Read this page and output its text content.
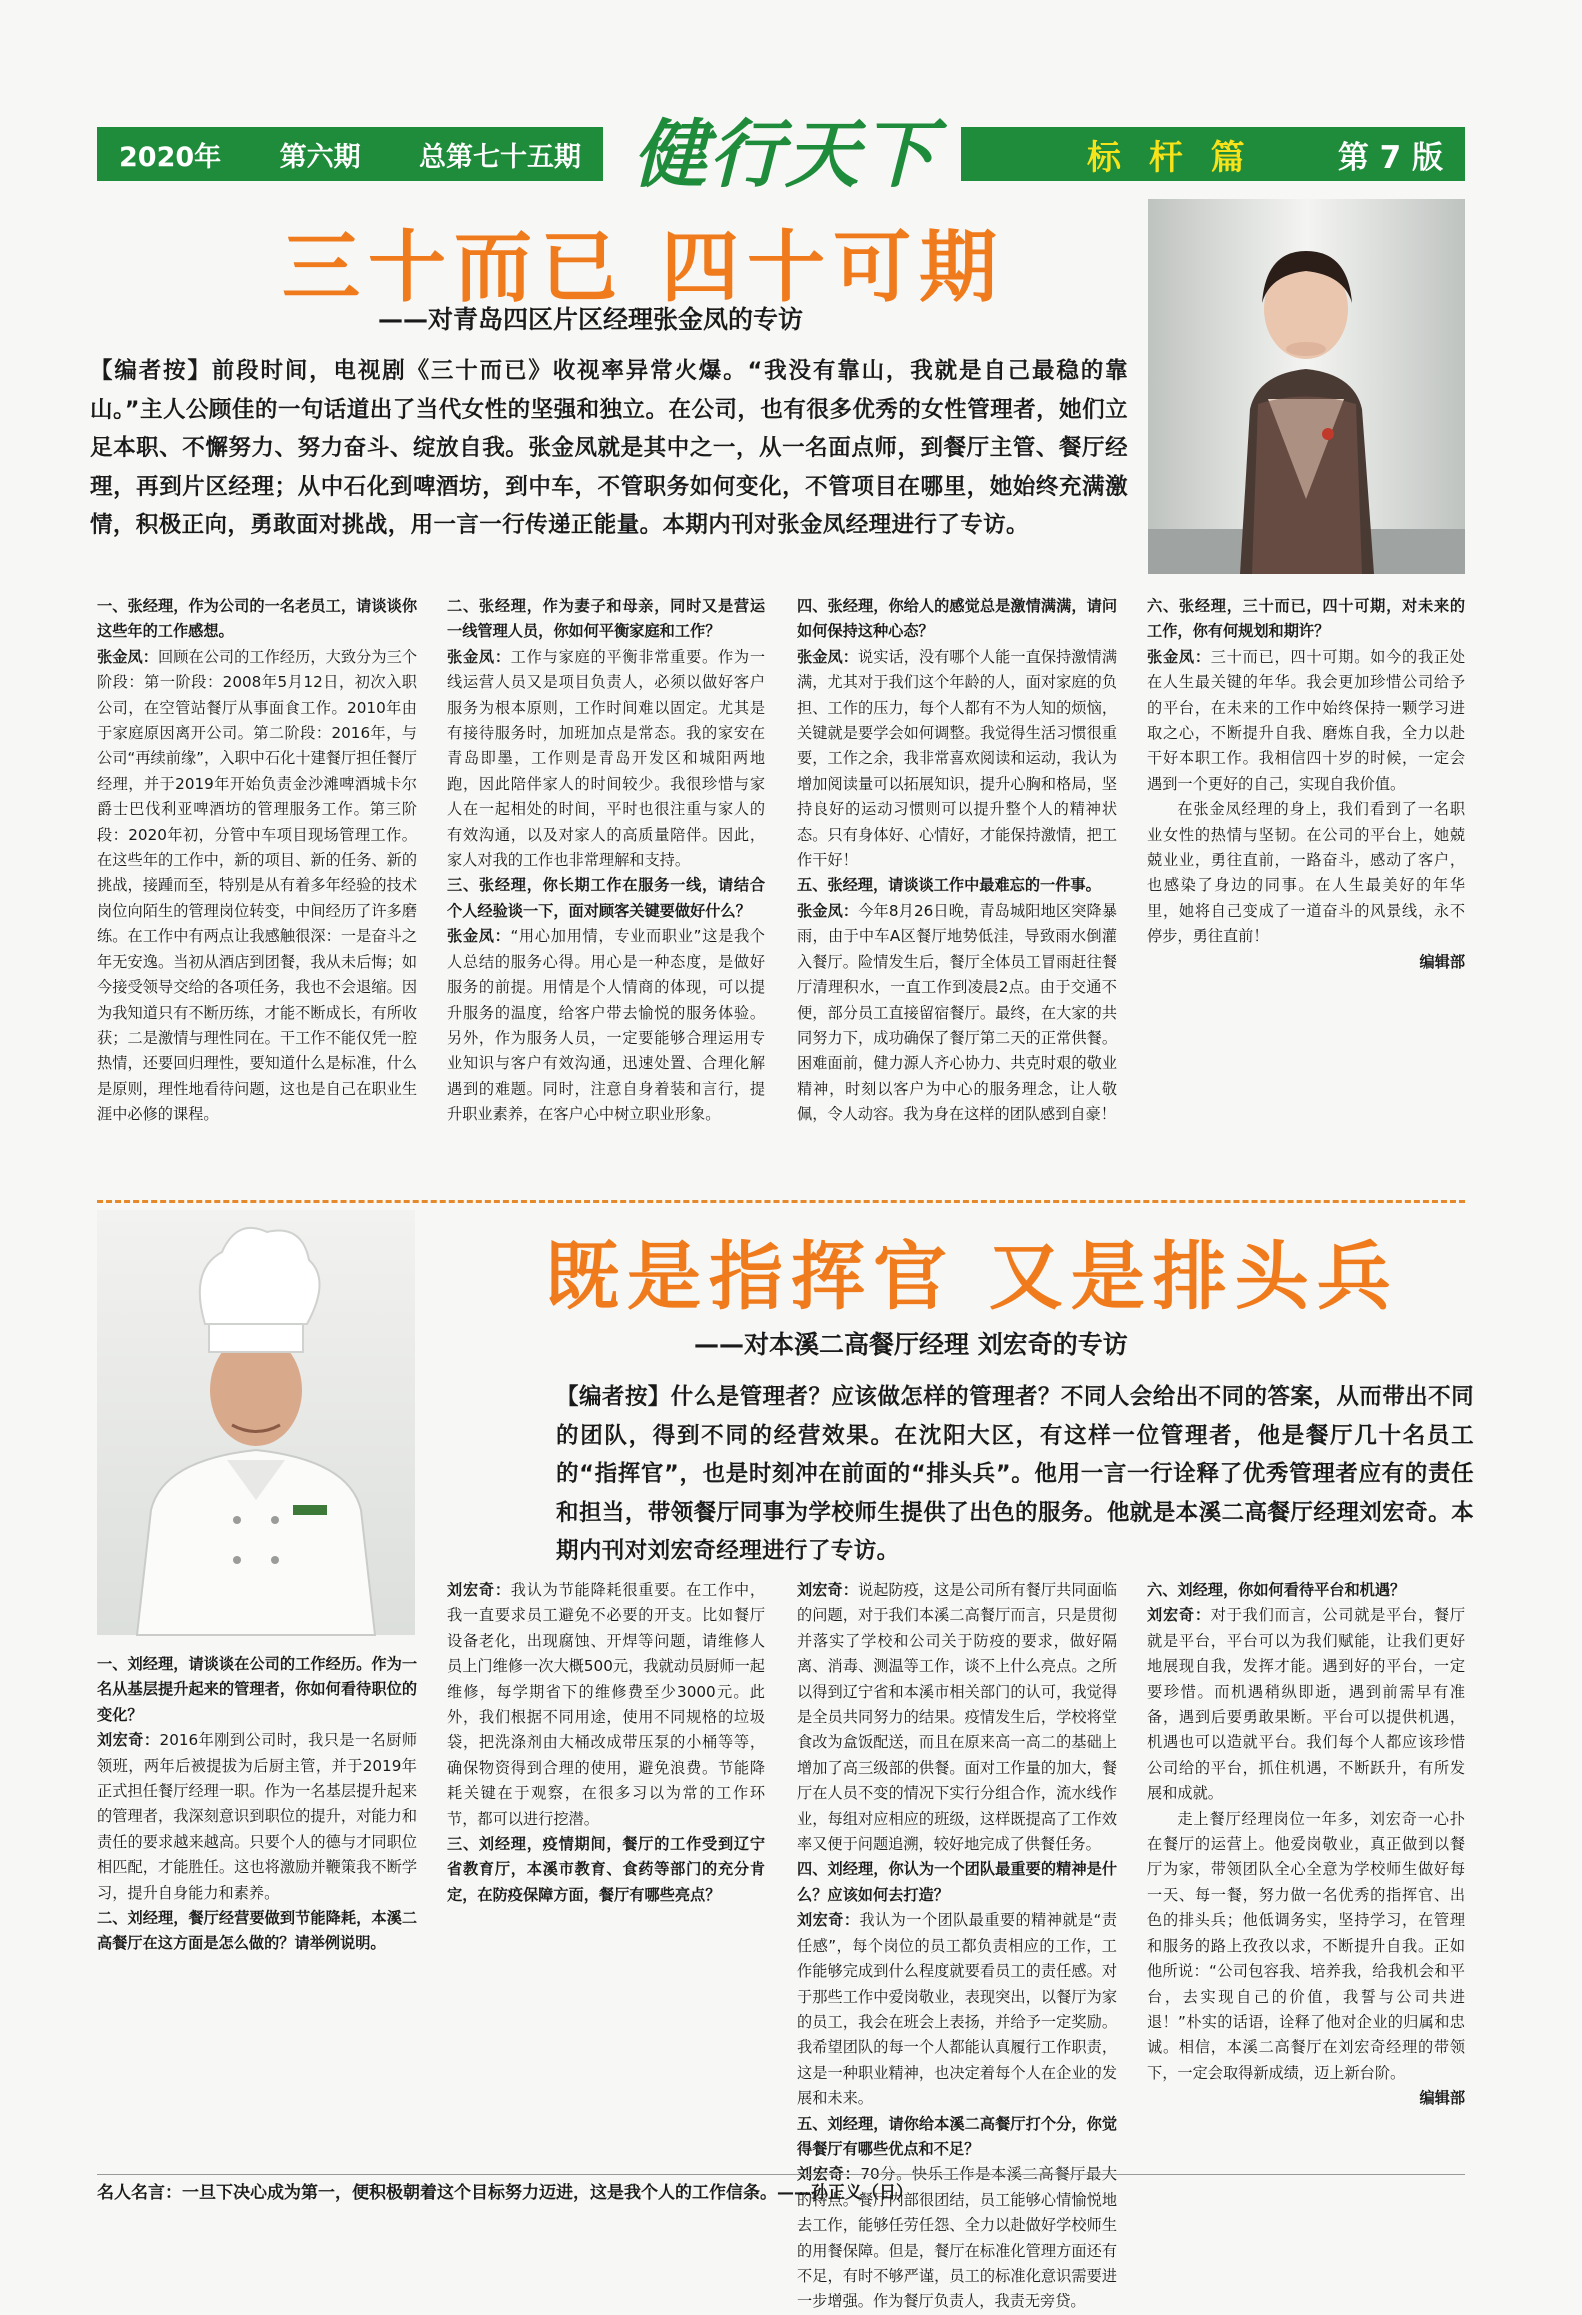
2020年 第六期 总第七十五期 健行天下	标 杆 篇	第 7 版
三十而已 四十可期
——对青岛四区片区经理张金凤的专访
【编者按】前段时间，电视剧《三十而已》收视率异常火爆。“我没有靠山，我就是自己最稳的靠山。”主人公顾佳的一句话道出了当代女性的坚强和独立。在公司，也有很多优秀的女性管理者，她们立足本职、不懈努力、努力奋斗、绽放自我。张金凤就是其中之一，从一名面点师，到餐厅主管、餐厅经理，再到片区经理；从中石化到啤酒坊，到中车，不管职务如何变化，不管项目在哪里，她始终充满激情，积极正向，勇敢面对挑战，用一言一行传递正能量。本期内刊对张金凤经理进行了专访。

一、张经理，作为公司的一名老员工，请谈谈你这些年的工作感想。

张金凤：回顾在公司的工作经历，大致分为三个阶段：第一阶段：2008年5月12日，初次入职公司，在空管站餐厅从事面食工作。2010年由于家庭原因离开公司。第二阶段：2016年，与公司“再续前缘”，入职中石化十建餐厅担任餐厅经理，并于2019年开始负责金沙滩啤酒城卡尔爵士巴伐利亚啤酒坊的管理服务工作。第三阶段：2020年初，分管中车项目现场管理工作。在这些年的工作中，新的项目、新的任务、新的挑战，接踵而至，特别是从有着多年经验的技术岗位向陌生的管理岗位转变，中间经历了许多磨练。在工作中有两点让我感触很深：一是奋斗之年无安逸。当初从酒店到团餐，我从未后悔；如今接受领导交给的各项任务，我也不会退缩。因为我知道只有不断历练，才能不断成长，有所收获；二是激情与理性同在。干工作不能仅凭一腔热情，还要回归理性，要知道什么是标准，什么是原则，理性地看待问题，这也是自己在职业生涯中必修的课程。

二、张经理，作为妻子和母亲，同时又是营运一线管理人员，你如何平衡家庭和工作？

张金凤：工作与家庭的平衡非常重要。作为一线运营人员又是项目负责人，必须以做好客户服务为根本原则，工作时间难以固定。尤其是有接待服务时，加班加点是常态。我的家安在青岛即墨，工作则是青岛开发区和城阳两地跑，因此陪伴家人的时间较少。我很珍惜与家人在一起相处的时间，平时也很注重与家人的有效沟通，以及对家人的高质量陪伴。因此，家人对我的工作也非常理解和支持。

三、张经理，你长期工作在服务一线，请结合个人经验谈一下，面对顾客关键要做好什么？

张金凤：“用心加用情，专业而职业”这是我个人总结的服务心得。用心是一种态度，是做好服务的前提。用情是个人情商的体现，可以提升服务的温度，给客户带去愉悦的服务体验。另外，作为服务人员，一定要能够合理运用专业知识与客户有效沟通，迅速处置、合理化解遇到的难题。同时，注意自身着装和言行，提升职业素养，在客户心中树立职业形象。

四、张经理，你给人的感觉总是激情满满，请问如何保持这种心态？

张金凤：说实话，没有哪个人能一直保持激情满满，尤其对于我们这个年龄的人，面对家庭的负担、工作的压力，每个人都有不为人知的烦恼，关键就是要学会如何调整。我觉得生活习惯很重要，工作之余，我非常喜欢阅读和运动，我认为增加阅读量可以拓展知识，提升心胸和格局，坚持良好的运动习惯则可以提升整个人的精神状态。只有身体好、心情好，才能保持激情，把工作干好！

五、张经理，请谈谈工作中最难忘的一件事。

张金凤：今年8月26日晚，青岛城阳地区突降暴雨，由于中车A区餐厅地势低洼，导致雨水倒灌入餐厅。险情发生后，餐厅全体员工冒雨赶往餐厅清理积水，一直工作到凌晨2点。由于交通不便，部分员工直接留宿餐厅。最终，在大家的共同努力下，成功确保了餐厅第二天的正常供餐。困难面前，健力源人齐心协力、共克时艰的敬业精神，时刻以客户为中心的服务理念，让人敬佩，令人动容。我为身在这样的团队感到自豪！

六、张经理，三十而已，四十可期，对未来的工作，你有何规划和期许？

张金凤：三十而已，四十可期。如今的我正处在人生最关键的年华。我会更加珍惜公司给予的平台，在未来的工作中始终保持一颗学习进取之心，不断提升自我、磨炼自我，全力以赴干好本职工作。我相信四十岁的时候，一定会遇到一个更好的自己，实现自我价值。

在张金凤经理的身上，我们看到了一名职业女性的热情与坚韧。在公司的平台上，她兢兢业业，勇往直前，一路奋斗，感动了客户，也感染了身边的同事。在人生最美好的年华里，她将自己变成了一道奋斗的风景线，永不停步，勇往直前！

编辑部

既是指挥官 又是排头兵
——对本溪二高餐厅经理 刘宏奇的专访
【编者按】什么是管理者？应该做怎样的管理者？不同人会给出不同的答案，从而带出不同的团队，得到不同的经营效果。在沈阳大区，有这样一位管理者，他是餐厅几十名员工的“指挥官”，也是时刻冲在前面的“排头兵”。他用一言一行诠释了优秀管理者应有的责任和担当，带领餐厅同事为学校师生提供了出色的服务。他就是本溪二高餐厅经理刘宏奇。本期内刊对刘宏奇经理进行了专访。

一、刘经理，请谈谈在公司的工作经历。作为一名从基层提升起来的管理者，你如何看待职位的变化？

刘宏奇：2016年刚到公司时，我只是一名厨师领班，两年后被提拔为后厨主管，并于2019年正式担任餐厅经理一职。作为一名基层提升起来的管理者，我深刻意识到职位的提升，对能力和责任的要求越来越高。只要个人的德与才同职位相匹配，才能胜任。这也将激励并鞭策我不断学习，提升自身能力和素养。

二、刘经理，餐厅经营要做到节能降耗，本溪二高餐厅在这方面是怎么做的？请举例说明。

刘宏奇：我认为节能降耗很重要。在工作中，我一直要求员工避免不必要的开支。比如餐厅设备老化，出现腐蚀、开焊等问题，请维修人员上门维修一次大概500元，我就动员厨师一起维修，每学期省下的维修费至少3000元。此外，我们根据不同用途，使用不同规格的垃圾袋，把洗涤剂由大桶改成带压泵的小桶等等，确保物资得到合理的使用，避免浪费。节能降耗关键在于观察，在很多习以为常的工作环节，都可以进行挖潜。

三、刘经理，疫情期间，餐厅的工作受到辽宁省教育厅，本溪市教育、食药等部门的充分肯定，在防疫保障方面，餐厅有哪些亮点？

刘宏奇：说起防疫，这是公司所有餐厅共同面临的问题，对于我们本溪二高餐厅而言，只是贯彻并落实了学校和公司关于防疫的要求，做好隔离、消毒、测温等工作，谈不上什么亮点。之所以得到辽宁省和本溪市相关部门的认可，我觉得是全员共同努力的结果。疫情发生后，学校将堂食改为盒饭配送，而且在原来高一高二的基础上增加了高三级部的供餐。面对工作量的加大，餐厅在人员不变的情况下实行分组合作，流水线作业，每组对应相应的班级，这样既提高了工作效率又便于问题追溯，较好地完成了供餐任务。

四、刘经理，你认为一个团队最重要的精神是什么？应该如何去打造？

刘宏奇：我认为一个团队最重要的精神就是“责任感”，每个岗位的员工都负责相应的工作，工作能够完成到什么程度就要看员工的责任感。对于那些工作中爱岗敬业，表现突出，以餐厅为家的员工，我会在班会上表扬，并给予一定奖励。我希望团队的每一个人都能认真履行工作职责，这是一种职业精神，也决定着每个人在企业的发展和未来。

五、刘经理，请你给本溪二高餐厅打个分，你觉得餐厅有哪些优点和不足？

刘宏奇：70分。快乐工作是本溪二高餐厅最大的特点。餐厅内部很团结，员工能够心情愉悦地去工作，能够任劳任怨、全力以赴做好学校师生的用餐保障。但是，餐厅在标准化管理方面还有不足，有时不够严谨，员工的标准化意识需要进一步增强。作为餐厅负责人，我责无旁贷。

六、刘经理，你如何看待平台和机遇？

刘宏奇：对于我们而言，公司就是平台，餐厅就是平台，平台可以为我们赋能，让我们更好地展现自我，发挥才能。遇到好的平台，一定要珍惜。而机遇稍纵即逝，遇到前需早有准备，遇到后要勇敢果断。平台可以提供机遇，机遇也可以造就平台。我们每个人都应该珍惜公司给的平台，抓住机遇，不断跃升，有所发展和成就。

走上餐厅经理岗位一年多，刘宏奇一心扑在餐厅的运营上。他爱岗敬业，真正做到以餐厅为家，带领团队全心全意为学校师生做好每一天、每一餐，努力做一名优秀的指挥官、出色的排头兵；他低调务实，坚持学习，在管理和服务的路上孜孜以求，不断提升自我。正如他所说：“公司包容我、培养我，给我机会和平台，去实现自己的价值，我誓与公司共进退！”朴实的话语，诠释了他对企业的归属和忠诚。相信，本溪二高餐厅在刘宏奇经理的带领下，一定会取得新成绩，迈上新台阶。

编辑部

名人名言：一旦下决心成为第一，便积极朝着这个目标努力迈进，这是我个人的工作信条。——孙正义（日）
